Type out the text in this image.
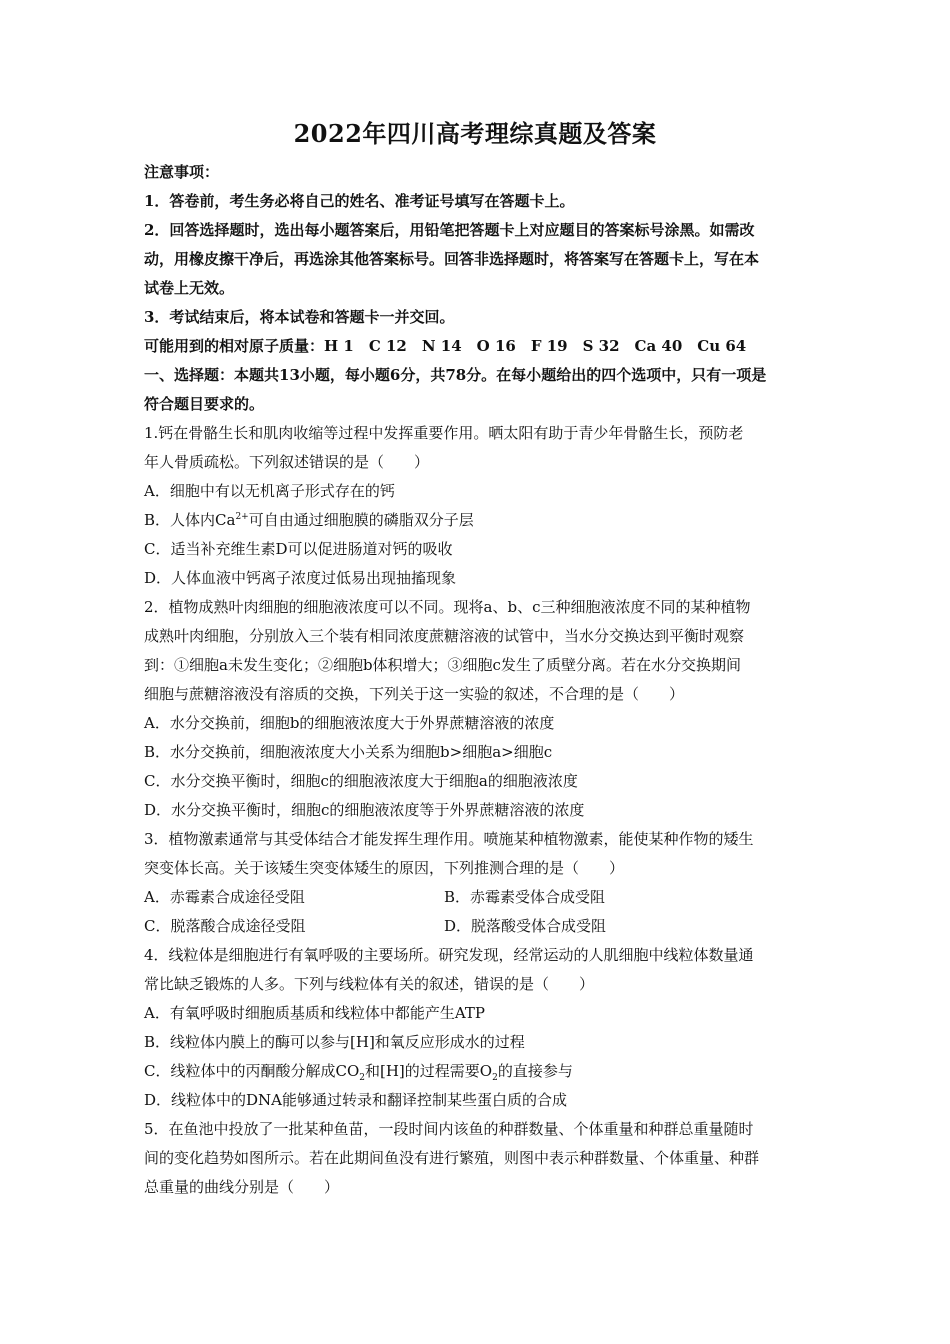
2022年四川高考理综真题及答案
注意事项：
1．答卷前，考生务必将自己的姓名、准考证号填写在答题卡上。
2．回答选择题时，选出每小题答案后，用铅笔把答题卡上对应题目的答案标号涂黑。如需改
动，用橡皮擦干净后，再选涂其他答案标号。回答非选择题时，将答案写在答题卡上，写在本
试卷上无效。
3．考试结束后，将本试卷和答题卡一并交回。
可能用到的相对原子质量：H 1　C 12　N 14　O 16　F 19　S 32　Ca 40　Cu 64
一、选择题：本题共13小题，每小题6分，共78分。在每小题给出的四个选项中，只有一项是
符合题目要求的。
1.钙在骨骼生长和肌肉收缩等过程中发挥重要作用。晒太阳有助于青少年骨骼生长，预防老
年人骨质疏松。下列叙述错误的是（　　）
A．细胞中有以无机离子形式存在的钙
B．人体内$Ca^{2+}$可自由通过细胞膜的磷脂双分子层
C．适当补充维生素D可以促进肠道对钙的吸收
D．人体血液中钙离子浓度过低易出现抽搐现象
2．植物成熟叶肉细胞的细胞液浓度可以不同。现将a、b、c三种细胞液浓度不同的某种植物
成熟叶肉细胞，分别放入三个装有相同浓度蔗糖溶液的试管中，当水分交换达到平衡时观察
到：①细胞a未发生变化；②细胞b体积增大；③细胞c发生了质壁分离。若在水分交换期间
细胞与蔗糖溶液没有溶质的交换，下列关于这一实验的叙述，不合理的是（　　）
A．水分交换前，细胞b的细胞液浓度大于外界蔗糖溶液的浓度
B．水分交换前，细胞液浓度大小关系为细胞b>细胞a>细胞c
C．水分交换平衡时，细胞c的细胞液浓度大于细胞a的细胞液浓度
D．水分交换平衡时，细胞c的细胞液浓度等于外界蔗糖溶液的浓度
3．植物激素通常与其受体结合才能发挥生理作用。喷施某种植物激素，能使某种作物的矮生
突变体长高。关于该矮生突变体矮生的原因，下列推测合理的是（　　）
A．赤霉素合成途径受阻	B．赤霉素受体合成受阻
C．脱落酸合成途径受阻	D．脱落酸受体合成受阻
4．线粒体是细胞进行有氧呼吸的主要场所。研究发现，经常运动的人肌细胞中线粒体数量通
常比缺乏锻炼的人多。下列与线粒体有关的叙述，错误的是（　　）
A．有氧呼吸时细胞质基质和线粒体中都能产生ATP
B．线粒体内膜上的酶可以参与[H]和氧反应形成水的过程
C．线粒体中的丙酮酸分解成$CO_2$和[H]的过程需要$O_2$的直接参与
D．线粒体中的DNA能够通过转录和翻译控制某些蛋白质的合成
5．在鱼池中投放了一批某种鱼苗，一段时间内该鱼的种群数量、个体重量和种群总重量随时
间的变化趋势如图所示。若在此期间鱼没有进行繁殖，则图中表示种群数量、个体重量、种群
总重量的曲线分别是（　　）
